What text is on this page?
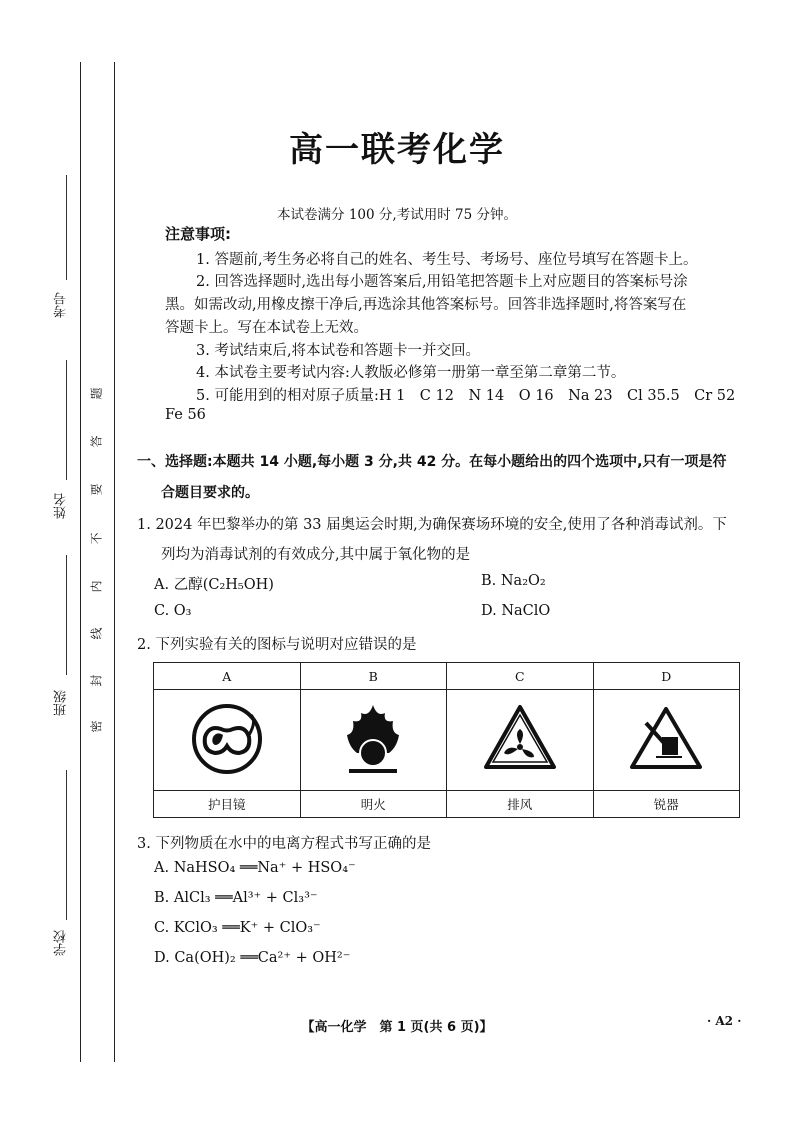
考号
姓名
班级
学校
题
答
要
不
内
线
封
密
高一联考化学
本试卷满分 100 分,考试用时 75 分钟。
注意事项:
1. 答题前,考生务必将自己的姓名、考生号、考场号、座位号填写在答题卡上。
2. 回答选择题时,选出每小题答案后,用铅笔把答题卡上对应题目的答案标号涂
黑。如需改动,用橡皮擦干净后,再选涂其他答案标号。回答非选择题时,将答案写在
答题卡上。写在本试卷上无效。
3. 考试结束后,将本试卷和答题卡一并交回。
4. 本试卷主要考试内容:人教版必修第一册第一章至第二章第二节。
5. 可能用到的相对原子质量:H 1　C 12　N 14　O 16　Na 23　Cl 35.5　Cr 52
Fe 56
一、选择题:本题共 14 小题,每小题 3 分,共 42 分。在每小题给出的四个选项中,只有一项是符
合题目要求的。
1. 2024 年巴黎举办的第 33 届奥运会时期,为确保赛场环境的安全,使用了各种消毒试剂。下
列均为消毒试剂的有效成分,其中属于氧化物的是
A. 乙醇(C₂H₅OH)	B. Na₂O₂
C. O₃	D. NaClO
2. 下列实验有关的图标与说明对应错误的是
A	B	C	D

护目镜	明火	排风	锐器
3. 下列物质在水中的电离方程式书写正确的是
A. NaHSO₄ ══Na⁺ + HSO₄⁻
B. AlCl₃ ══Al³⁺ + Cl₃³⁻
C. KClO₃ ══K⁺ + ClO₃⁻
D. Ca(OH)₂ ══Ca²⁺ + OH²⁻
【高一化学　第 1 页(共 6 页)】	· A2 ·
